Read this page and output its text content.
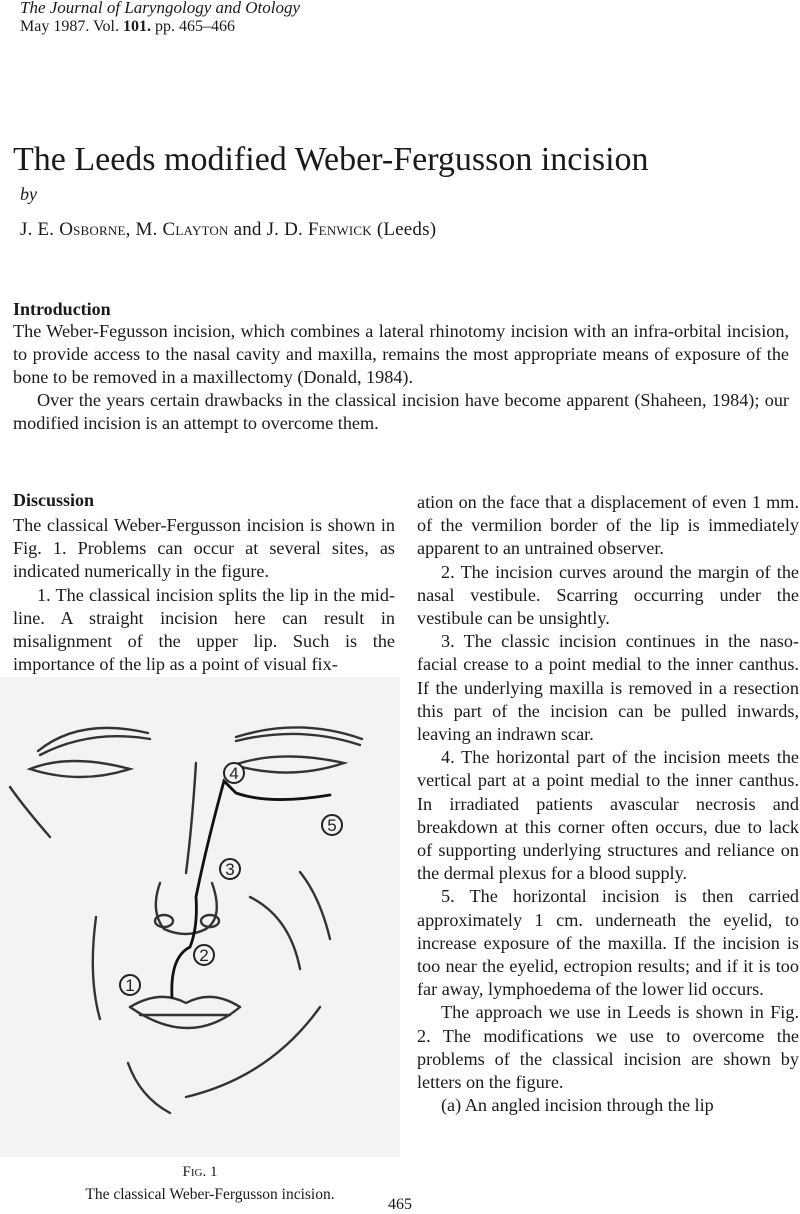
The Journal of Laryngology and Otology
May 1987. Vol. 101. pp. 465–466
The Leeds modified Weber-Fergusson incision
by
J. E. Osborne, M. Clayton and J. D. Fenwick (Leeds)
Introduction

The Weber-Fegusson incision, which combines a lateral rhinotomy incision with an infra-orbital incision, to provide access to the nasal cavity and maxilla, remains the most appropriate means of exposure of the bone to be removed in a maxillectomy (Donald, 1984).

Over the years certain drawbacks in the classical incision have become apparent (Shaheen, 1984); our modified incision is an attempt to overcome them.

Discussion

The classical Weber-Fergusson incision is shown in Fig. 1. Problems can occur at several sites, as indicated numerically in the figure.

1. The classical incision splits the lip in the mid-line. A straight incision here can result in misalignment of the upper lip. Such is the importance of the lip as a point of visual fix-

1
2
3
4
5
Fig. 1
The classical Weber-Fergusson incision.

ation on the face that a displacement of even 1 mm. of the vermilion border of the lip is immediately apparent to an untrained observer.

2. The incision curves around the margin of the nasal vestibule. Scarring occurring under the vestibule can be unsightly.

3. The classic incision continues in the naso-facial crease to a point medial to the inner canthus. If the underlying maxilla is removed in a resection this part of the incision can be pulled inwards, leaving an indrawn scar.

4. The horizontal part of the incision meets the vertical part at a point medial to the inner canthus. In irradiated patients avascular necrosis and breakdown at this corner often occurs, due to lack of supporting underlying structures and reliance on the dermal plexus for a blood supply.

5. The horizontal incision is then carried approximately 1 cm. underneath the eyelid, to increase exposure of the maxilla. If the incision is too near the eyelid, ectropion results; and if it is too far away, lymphoedema of the lower lid occurs.

The approach we use in Leeds is shown in Fig. 2. The modifications we use to overcome the problems of the classical incision are shown by letters on the figure.

(a) An angled incision through the lip

465
